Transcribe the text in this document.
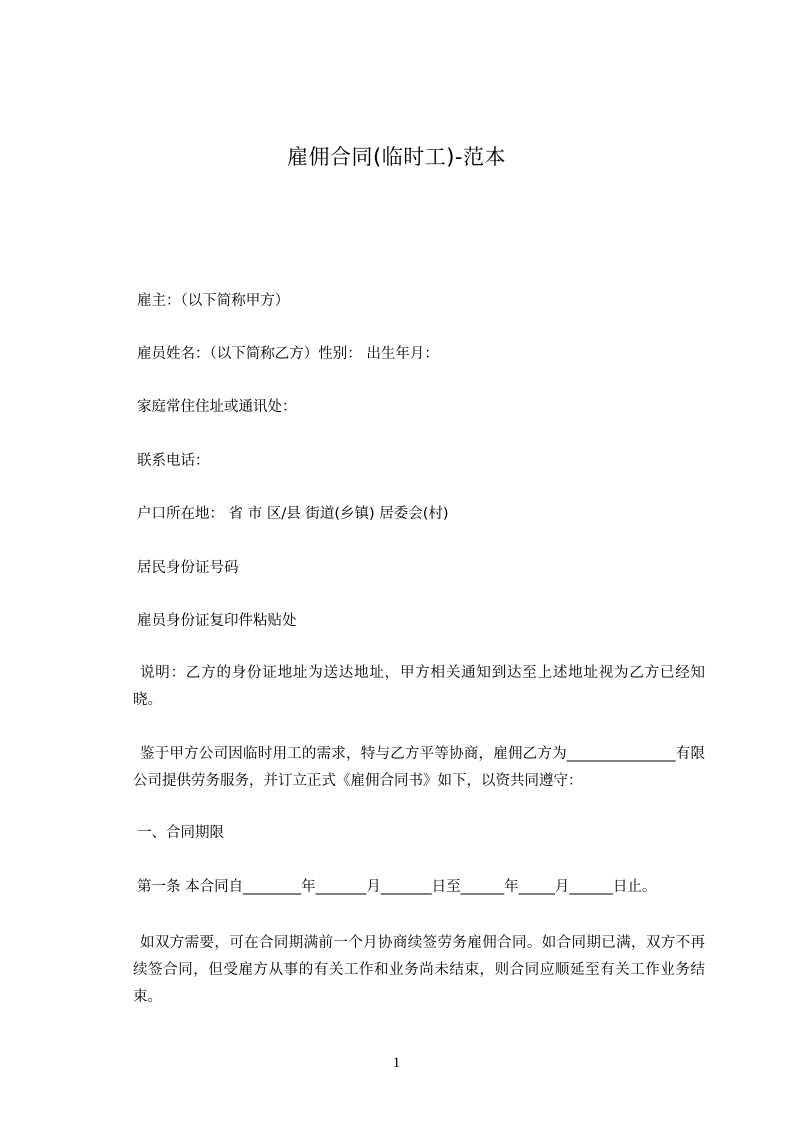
雇佣合同(临时工)-范本
雇主：（以下简称甲方）
雇员姓名：（以下简称乙方）性别： 出生年月：
家庭常住住址或通讯处：
联系电话：
户口所在地： 省 市 区/县 街道(乡镇) 居委会(村)
居民身份证号码
雇员身份证复印件粘贴处
说明：乙方的身份证地址为送达地址，甲方相关通知到达至上述地址视为乙方已经知晓。
鉴于甲方公司因临时用工的需求，特与乙方平等协商，雇佣乙方为_______________有限公司提供劳务服务，并订立正式《雇佣合同书》如下，以资共同遵守：
一、合同期限
第一条 本合同自________年_______月_______日至______年_____月______日止。
如双方需要，可在合同期满前一个月协商续签劳务雇佣合同。如合同期已满，双方不再续签合同，但受雇方从事的有关工作和业务尚未结束，则合同应顺延至有关工作业务结束。
1
